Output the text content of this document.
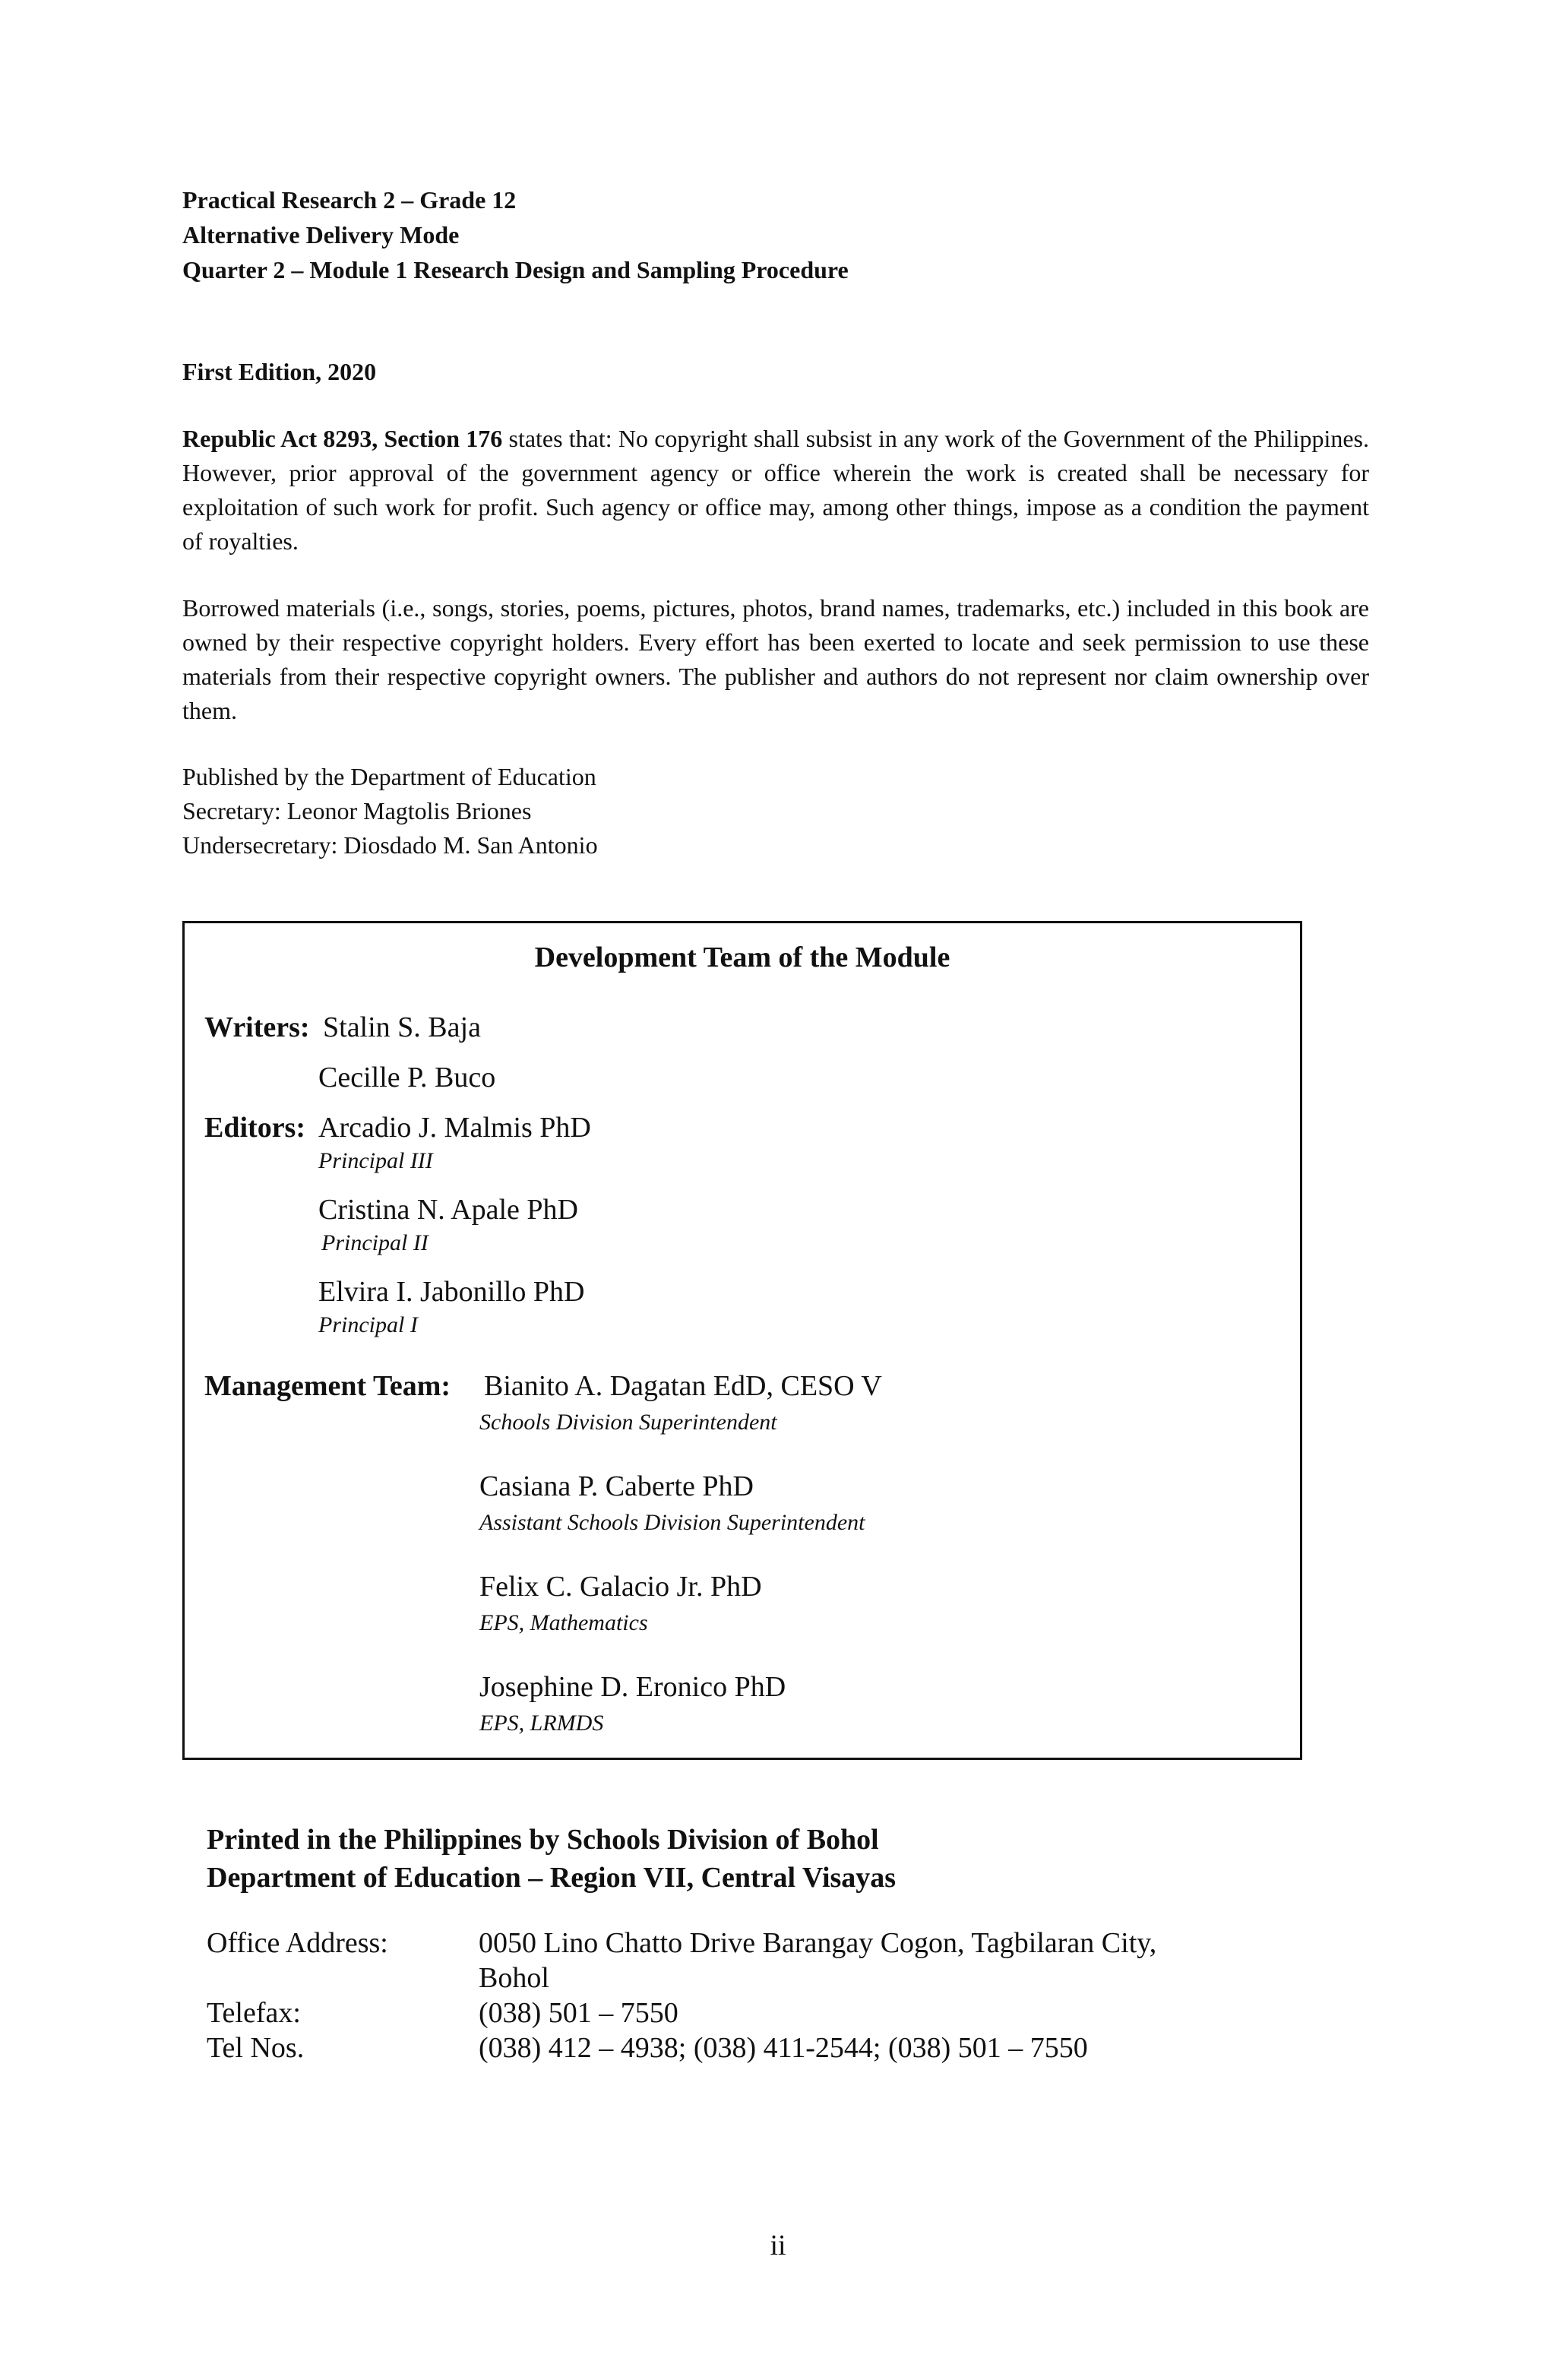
Practical Research 2 – Grade 12
Alternative Delivery Mode
Quarter 2 – Module 1 Research Design and Sampling Procedure
First Edition, 2020
Republic Act 8293, Section 176 states that: No copyright shall subsist in any work of the Government of the Philippines. However, prior approval of the government agency or office wherein the work is created shall be necessary for exploitation of such work for profit. Such agency or office may, among other things, impose as a condition the payment of royalties.
Borrowed materials (i.e., songs, stories, poems, pictures, photos, brand names, trademarks, etc.) included in this book are owned by their respective copyright holders. Every effort has been exerted to locate and seek permission to use these materials from their respective copyright owners. The publisher and authors do not represent nor claim ownership over them.
Published by the Department of Education
Secretary: Leonor Magtolis Briones
Undersecretary: Diosdado M. San Antonio
Development Team of the Module
Writers: Stalin S. Baja
Cecille P. Buco
Editors: Arcadio J. Malmis PhD
Principal III
Cristina N. Apale PhD
Principal II
Elvira I. Jabonillo PhD
Principal I
Management Team: Bianito A. Dagatan EdD, CESO V
Schools Division Superintendent
Casiana P. Caberte PhD
Assistant Schools Division Superintendent
Felix C. Galacio Jr. PhD
EPS, Mathematics
Josephine D. Eronico PhD
EPS, LRMDS
Printed in the Philippines by Schools Division of Bohol
Department of Education – Region VII, Central Visayas
Office Address:	0050 Lino Chatto Drive Barangay Cogon, Tagbilaran City,
Bohol
Telefax:	(038) 501 – 7550
Tel Nos.	(038) 412 – 4938; (038) 411-2544; (038) 501 – 7550
ii
